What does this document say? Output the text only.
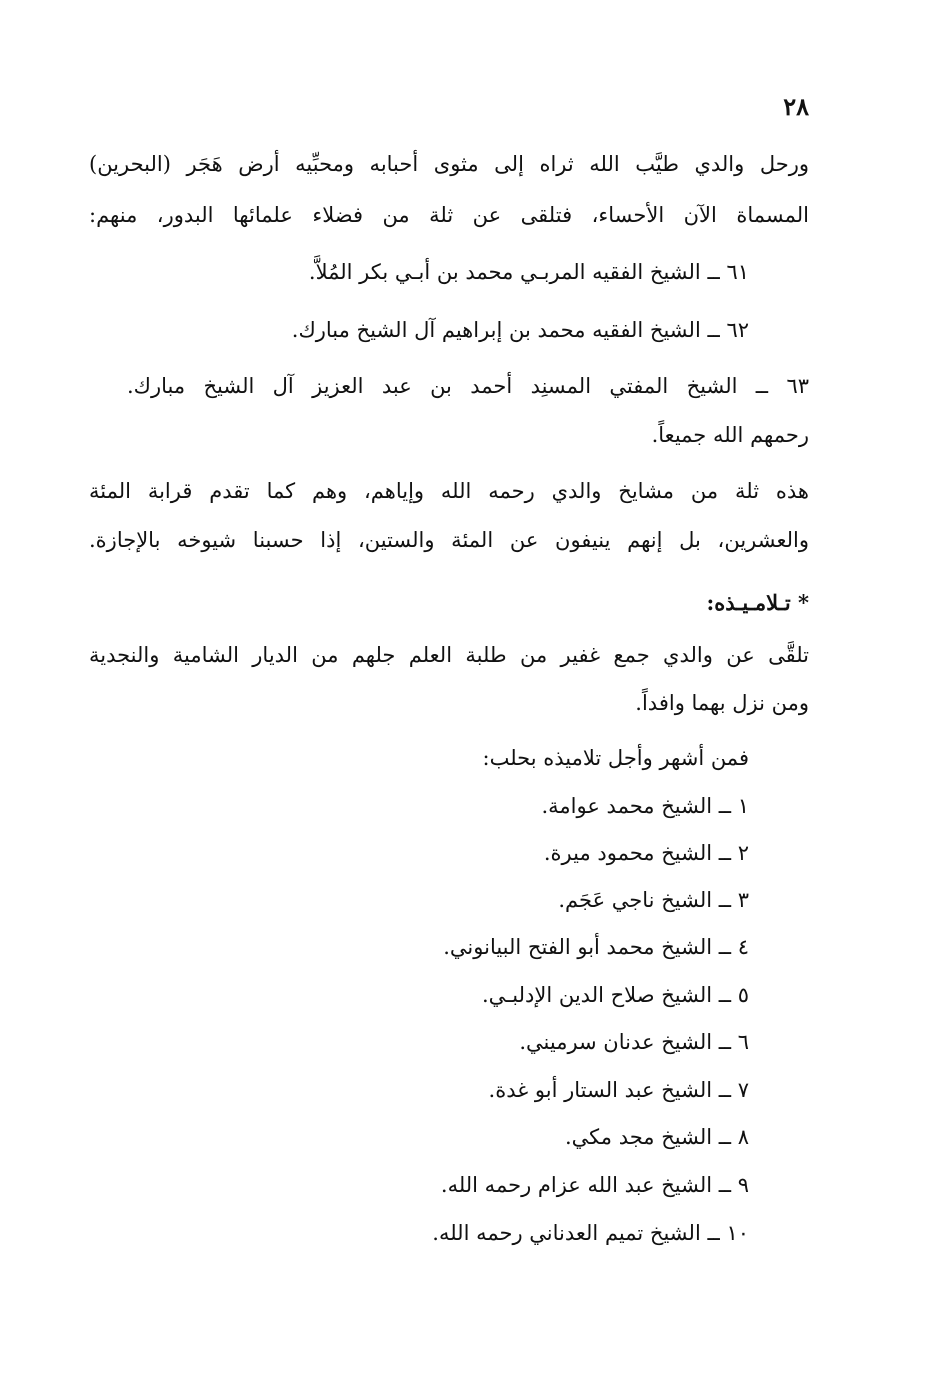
٢٨
ورحل والدي طيَّب الله ثراه إلى مثوى أحبابه ومحبِّيه أرض هَجَر (البحرين)
المسماة الآن الأحساء، فتلقى عن ثلة من فضلاء علمائها البدور، منهم:
٦١ ــ الشيخ الفقيه المربـي محمد بن أبـي بكر المُلاَّ.
٦٢ ــ الشيخ الفقيه محمد بن إبراهيم آل الشيخ مبارك.
٦٣ ــ الشيخ المفتي المسنِد أحمد بن عبد العزيز آل الشيخ مبارك.
رحمهم الله جميعاً.
هذه ثلة من مشايخ والدي رحمه الله وإياهم، وهم كما تقدم قرابة المئة
والعشرين، بل إنهم ينيفون عن المئة والستين، إذا حسبنا شيوخه بالإجازة.
* تـلامـيـذه:
تلقَّى عن والدي جمع غفير من طلبة العلم جلهم من الديار الشامية والنجدية
ومن نزل بهما وافداً.
فمن أشهر وأجل تلاميذه بحلب:
١ ــ الشيخ محمد عوامة.
٢ ــ الشيخ محمود ميرة.
٣ ــ الشيخ ناجي عَجَم.
٤ ــ الشيخ محمد أبو الفتح البيانوني.
٥ ــ الشيخ صلاح الدين الإدلبـي.
٦ ــ الشيخ عدنان سرميني.
٧ ــ الشيخ عبد الستار أبو غدة.
٨ ــ الشيخ مجد مكي.
٩ ــ الشيخ عبد الله عزام رحمه الله.
١٠ ــ الشيخ تميم العدناني رحمه الله.
